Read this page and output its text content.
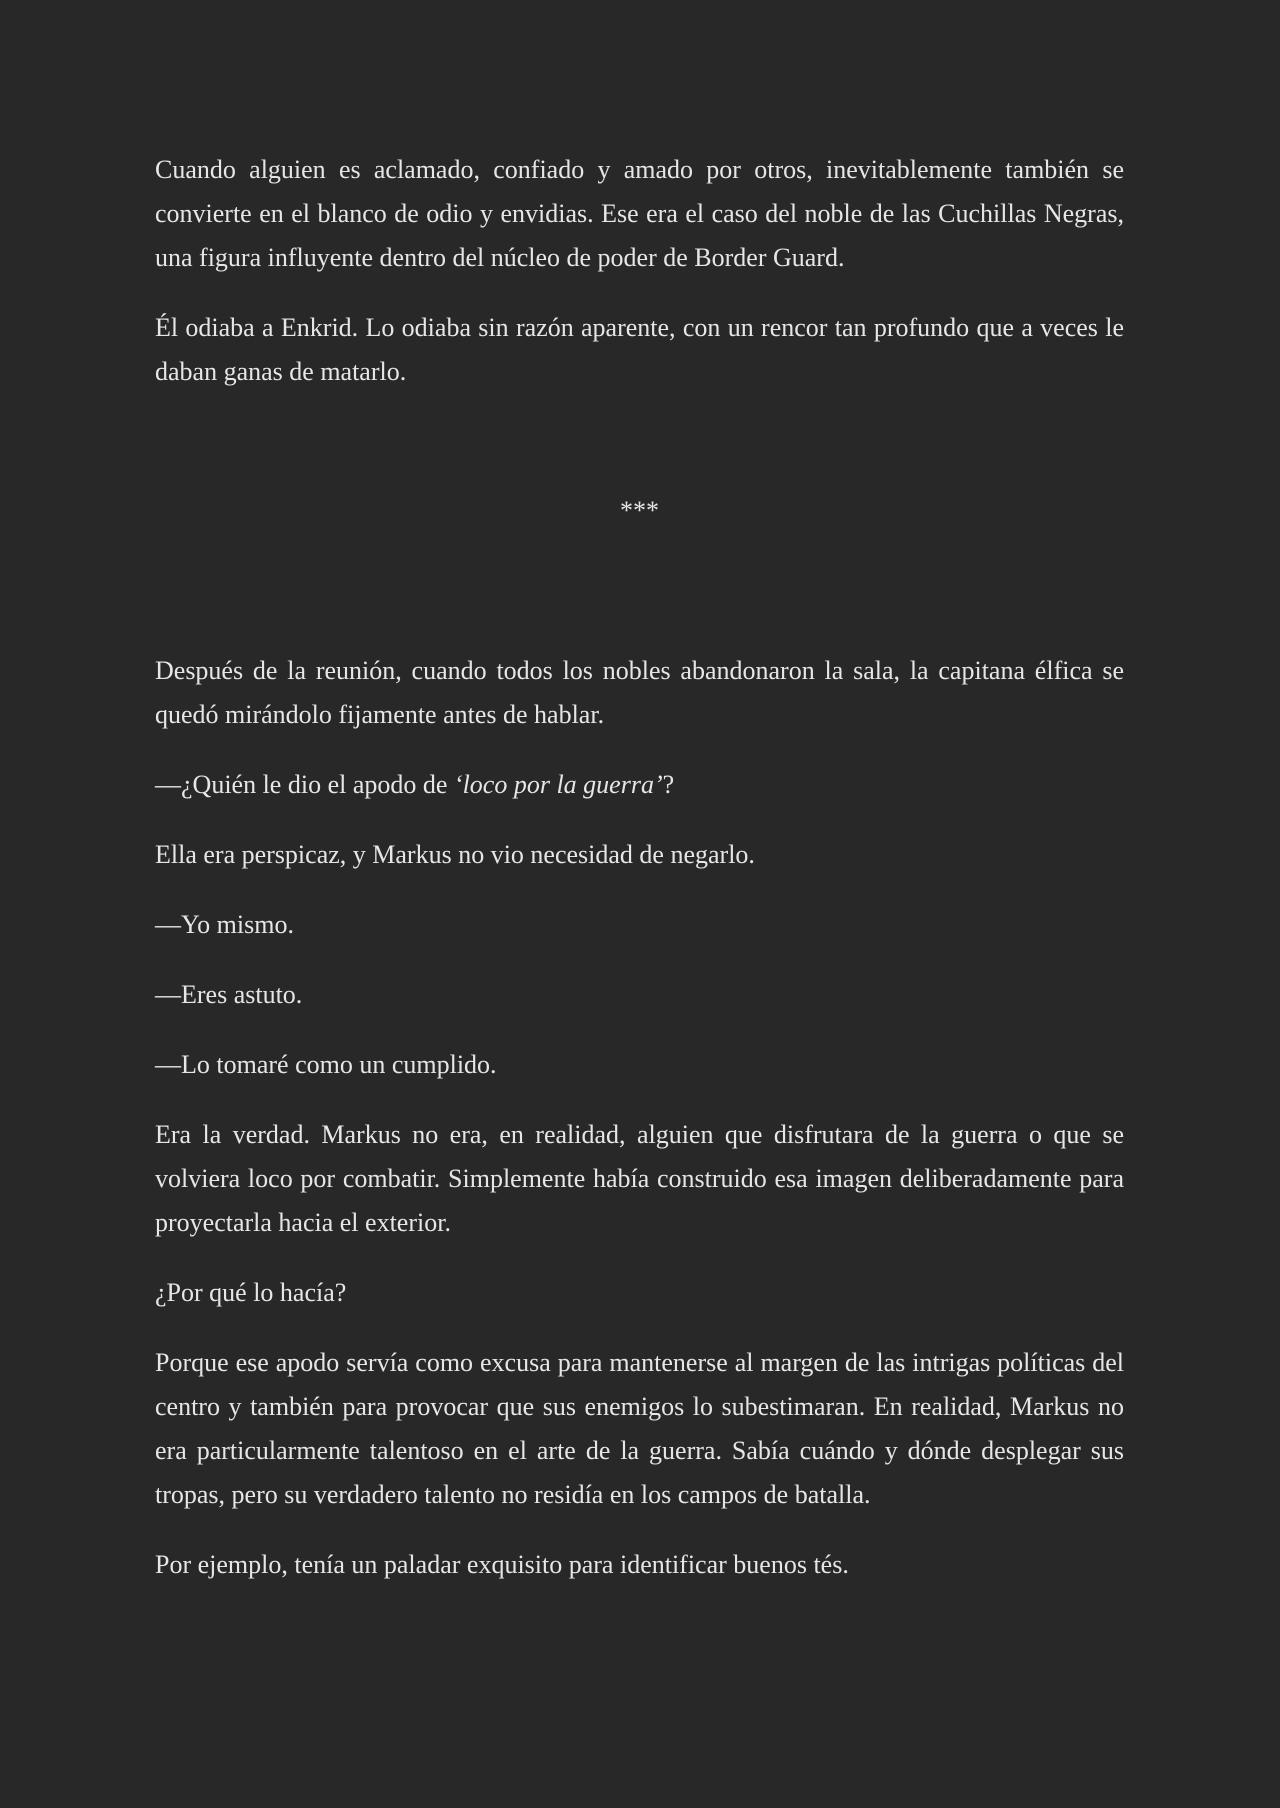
Cuando alguien es aclamado, confiado y amado por otros, inevitablemente también se convierte en el blanco de odio y envidias. Ese era el caso del noble de las Cuchillas Negras, una figura influyente dentro del núcleo de poder de Border Guard.

Él odiaba a Enkrid. Lo odiaba sin razón aparente, con un rencor tan profundo que a veces le daban ganas de matarlo.

***

Después de la reunión, cuando todos los nobles abandonaron la sala, la capitana élfica se quedó mirándolo fijamente antes de hablar.

—¿Quién le dio el apodo de ‘loco por la guerra’?

Ella era perspicaz, y Markus no vio necesidad de negarlo.

—Yo mismo.

—Eres astuto.

—Lo tomaré como un cumplido.

Era la verdad. Markus no era, en realidad, alguien que disfrutara de la guerra o que se volviera loco por combatir. Simplemente había construido esa imagen deliberadamente para proyectarla hacia el exterior.

¿Por qué lo hacía?

Porque ese apodo servía como excusa para mantenerse al margen de las intrigas políticas del centro y también para provocar que sus enemigos lo subestimaran. En realidad, Markus no era particularmente talentoso en el arte de la guerra. Sabía cuándo y dónde desplegar sus tropas, pero su verdadero talento no residía en los campos de batalla.

Por ejemplo, tenía un paladar exquisito para identificar buenos tés.
